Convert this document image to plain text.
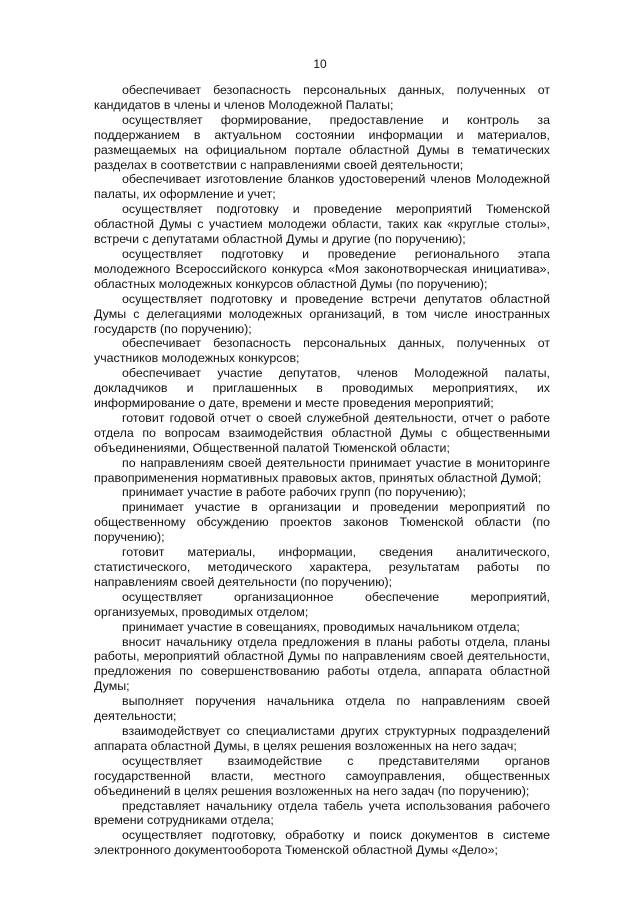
10

обеспечивает безопасность персональных данных, полученных от кандидатов в члены и членов Молодежной Палаты;

осуществляет формирование, предоставление и контроль за поддержанием в актуальном состоянии информации и материалов, размещаемых на официальном портале областной Думы в тематических разделах в соответствии с направлениями своей деятельности;

обеспечивает изготовление бланков удостоверений членов Молодежной палаты, их оформление и учет;

осуществляет подготовку и проведение мероприятий Тюменской областной Думы с участием молодежи области, таких как «круглые столы», встречи с депутатами областной Думы и другие (по поручению);

осуществляет подготовку и проведение регионального этапа молодежного Всероссийского конкурса «Моя законотворческая инициатива», областных молодежных конкурсов областной Думы (по поручению);

осуществляет подготовку и проведение встречи депутатов областной Думы с делегациями молодежных организаций, в том числе иностранных государств (по поручению);

обеспечивает безопасность персональных данных, полученных от участников молодежных конкурсов;

обеспечивает участие депутатов, членов Молодежной палаты, докладчиков и приглашенных в проводимых мероприятиях, их информирование о дате, времени и месте проведения мероприятий;

готовит годовой отчет о своей служебной деятельности, отчет о работе отдела по вопросам взаимодействия областной Думы с общественными объединениями, Общественной палатой Тюменской области;

по направлениям своей деятельности принимает участие в мониторинге правоприменения нормативных правовых актов, принятых областной Думой;

принимает участие в работе рабочих групп (по поручению);

принимает участие в организации и проведении мероприятий по общественному обсуждению проектов законов Тюменской области (по поручению);

готовит материалы, информации, сведения аналитического, статистического, методического характера, результатам работы по направлениям своей деятельности (по поручению);

осуществляет организационное обеспечение мероприятий, организуемых, проводимых отделом;

принимает участие в совещаниях, проводимых начальником отдела;

вносит начальнику отдела предложения в планы работы отдела, планы работы, мероприятий областной Думы по направлениям своей деятельности, предложения по совершенствованию работы отдела, аппарата областной Думы;

выполняет поручения начальника отдела по направлениям своей деятельности;

взаимодействует со специалистами других структурных подразделений аппарата областной Думы, в целях решения возложенных на него задач;

осуществляет взаимодействие с представителями органов государственной власти, местного самоуправления, общественных объединений в целях решения возложенных на него задач (по поручению);

представляет начальнику отдела табель учета использования рабочего времени сотрудниками отдела;

осуществляет подготовку, обработку и поиск документов в системе электронного документооборота Тюменской областной Думы «Дело»;
